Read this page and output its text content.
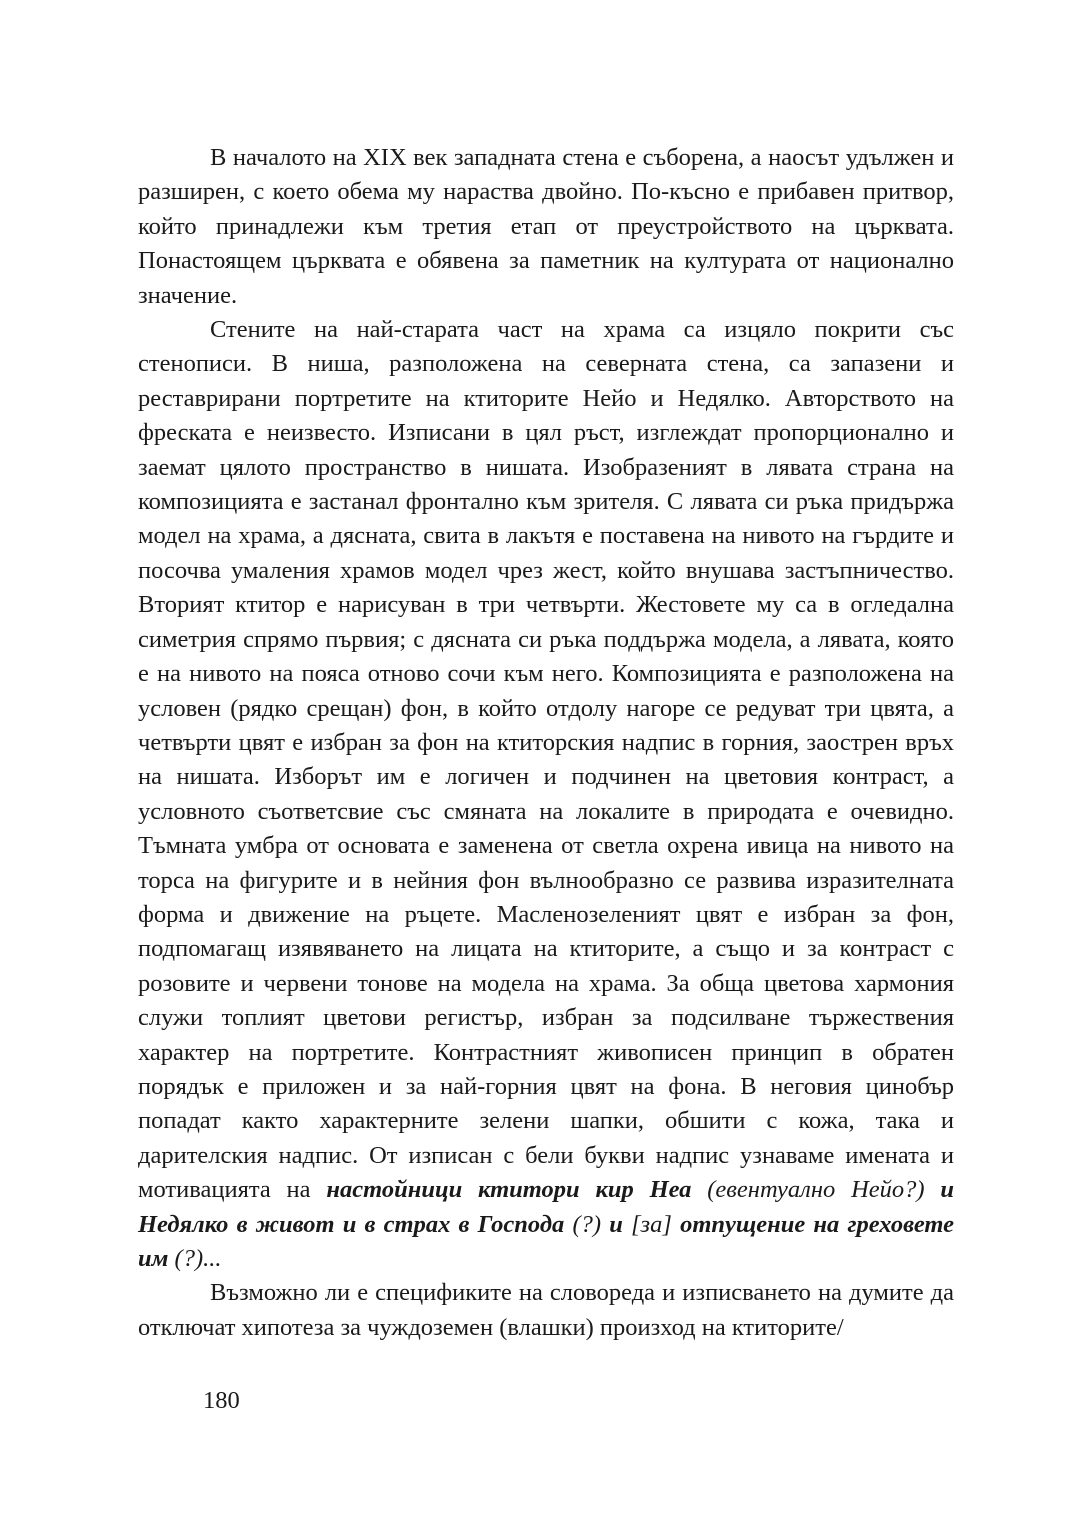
В началото на XIX век западната стена е съборена, а наосът удължен и разширен, с което обема му нараства двойно. По-късно е прибавен притвор, който принадлежи към третия етап от преустройството на църквата. Понастоящем църквата е обявена за паметник на културата от национално значение.

Стените на най-старата част на храма са изцяло покрити със стенописи. В ниша, разположена на северната стена, са запазени и реставрирани портретите на ктиторите Нейо и Недялко. Авторството на фреската е неизвесто. Изписани в цял ръст, изглеждат пропорционално и заемат цялото пространство в нишата. Изобразеният в лявата страна на композицията е застанал фронтално към зрителя. С лявата си ръка придържа модел на храма, а дясната, свита в лакътя е поставена на нивото на гърдите и посочва умаления храмов модел чрез жест, който внушава застъпничество. Вторият ктитор е нарисуван в три четвърти. Жестовете му са в огледална симетрия спрямо първия; с дясната си ръка поддържа модела, а лявата, която е на нивото на пояса отново сочи към него. Композицията е разположена на условен (рядко срещан) фон, в който отдолу нагоре се редуват три цвята, а четвърти цвят е избран за фон на ктиторския надпис в горния, заострен връх на нишата. Изборът им е логичен и подчинен на цветовия контраст, а условното съответсвие със смяната на локалите в природата е очевидно. Тъмната умбра от основата е заменена от светла охрена ивица на нивото на торса на фигурите и в нейния фон вълнообразно се развива изразителната форма и движение на ръцете. Масленозеленият цвят е избран за фон, подпомагащ изявяването на лицата на ктиторите, а също и за контраст с розовите и червени тонове на модела на храма. За обща цветова хармония служи топлият цветови регистър, избран за подсилване тържествения характер на портретите. Контрастният живописен принцип в обратен порядък е приложен и за най-горния цвят на фона. В неговия цинобър попадат както характерните зелени шапки, обшити с кожа, така и дарителския надпис. От изписан с бели букви надпис узнаваме имената и мотивацията на настойници ктитори кир Неа (евентуално Нейо?) и Недялко в живот и в страх в Господа (?) и [за] отпущение на греховете им (?)...

Възможно ли е спецификите на словореда и изписването на думите да отключат хипотеза за чуждоземен (влашки) произход на ктиторите/

180
